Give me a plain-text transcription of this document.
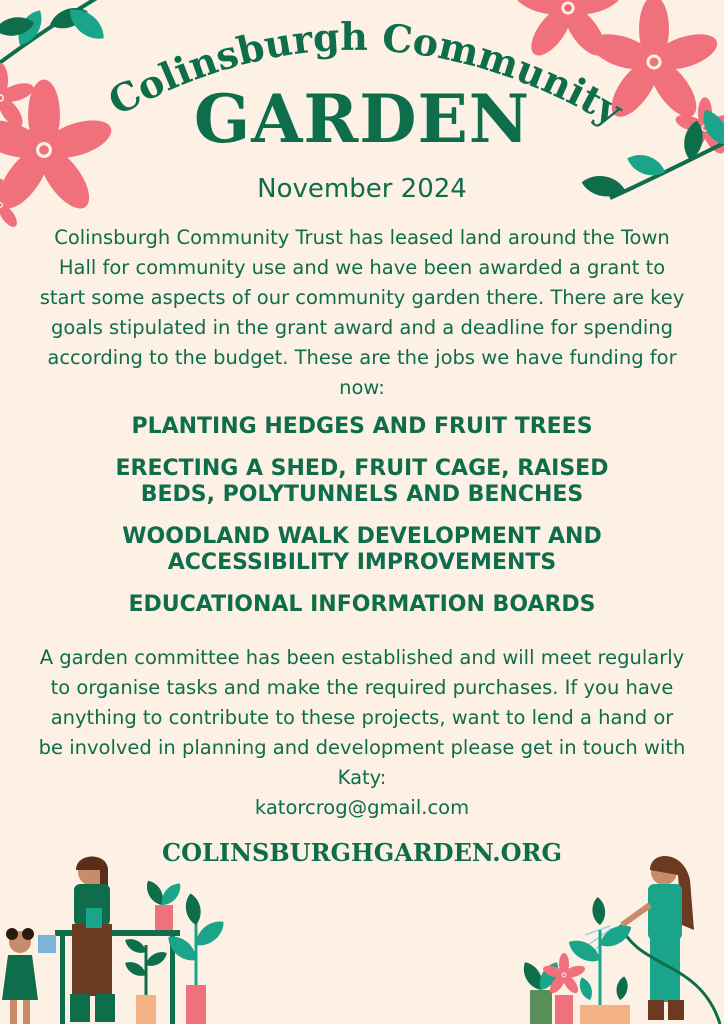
Colinsburgh Community
GARDEN
November 2024
Colinsburgh Community Trust has leased land around the Town Hall for community use and we have been awarded a grant to start some aspects of our community garden there. There are key goals stipulated in the grant award and a deadline for spending according to the budget. These are the jobs we have funding for now:
PLANTING HEDGES AND FRUIT TREES
ERECTING A SHED, FRUIT CAGE, RAISED
BEDS, POLYTUNNELS AND BENCHES
WOODLAND WALK DEVELOPMENT AND
ACCESSIBILITY IMPROVEMENTS
EDUCATIONAL INFORMATION BOARDS
A garden committee has been established and will meet regularly to organise tasks and make the required purchases. If you have anything to contribute to these projects, want to lend a hand or be involved in planning and development please get in touch with Katy:
katorcrog@gmail.com
COLINSBURGHGARDEN.ORG
